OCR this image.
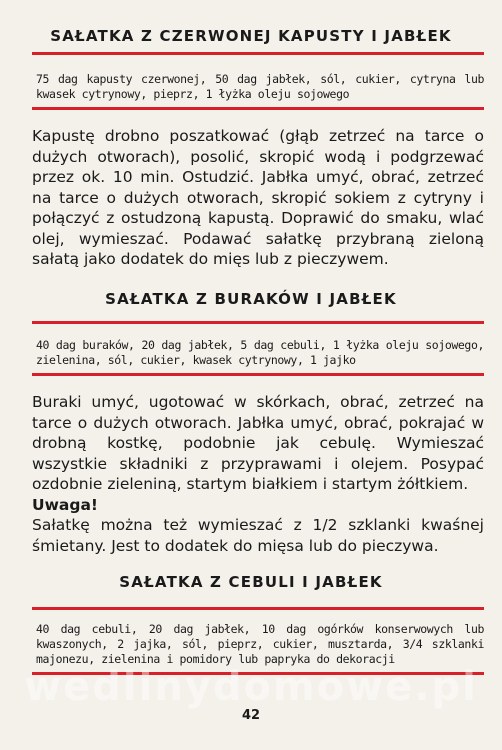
SAŁATKA Z CZERWONEJ KAPUSTY I JABŁEK
75 dag kapusty czerwonej, 50 dag jabłek, sól, cukier, cytryna lub kwasek cytrynowy, pieprz, 1 łyżka oleju sojowego

Kapustę drobno poszatkować (głąb zetrzeć na tarce o dużych otworach), posolić, skropić wodą i podgrzewać przez ok. 10 min. Ostudzić. Jabłka umyć, obrać, zetrzeć na tarce o dużych otworach, skropić sokiem z cytryny i połączyć z ostudzoną kapustą. Doprawić do smaku, wlać olej, wymieszać. Podawać sałatkę przybraną zieloną sałatą jako dodatek do mięs lub z pieczywem.

SAŁATKA Z BURAKÓW I JABŁEK
40 dag buraków, 20 dag jabłek, 5 dag cebuli, 1 łyżka oleju sojowego, zielenina, sól, cukier, kwasek cytrynowy, 1 jajko

Buraki umyć, ugotować w skórkach, obrać, zetrzeć na tarce o dużych otworach. Jabłka umyć, obrać, pokrajać w drobną kostkę, podobnie jak cebulę. Wymieszać wszystkie składniki z przyprawami i olejem. Posypać ozdobnie zieleniną, startym białkiem i startym żółtkiem.

Uwaga!

Sałatkę można też wymieszać z 1/2 szklanki kwaśnej śmietany. Jest to dodatek do mięsa lub do pieczywa.

SAŁATKA Z CEBULI I JABŁEK
40 dag cebuli, 20 dag jabłek, 10 dag ogórków konserwowych lub kwaszonych, 2 jajka, sól, pieprz, cukier, musztarda, 3/4 szklanki majonezu, zielenina i pomidory lub papryka do dekoracji
wedlinydomowe.pl
42
